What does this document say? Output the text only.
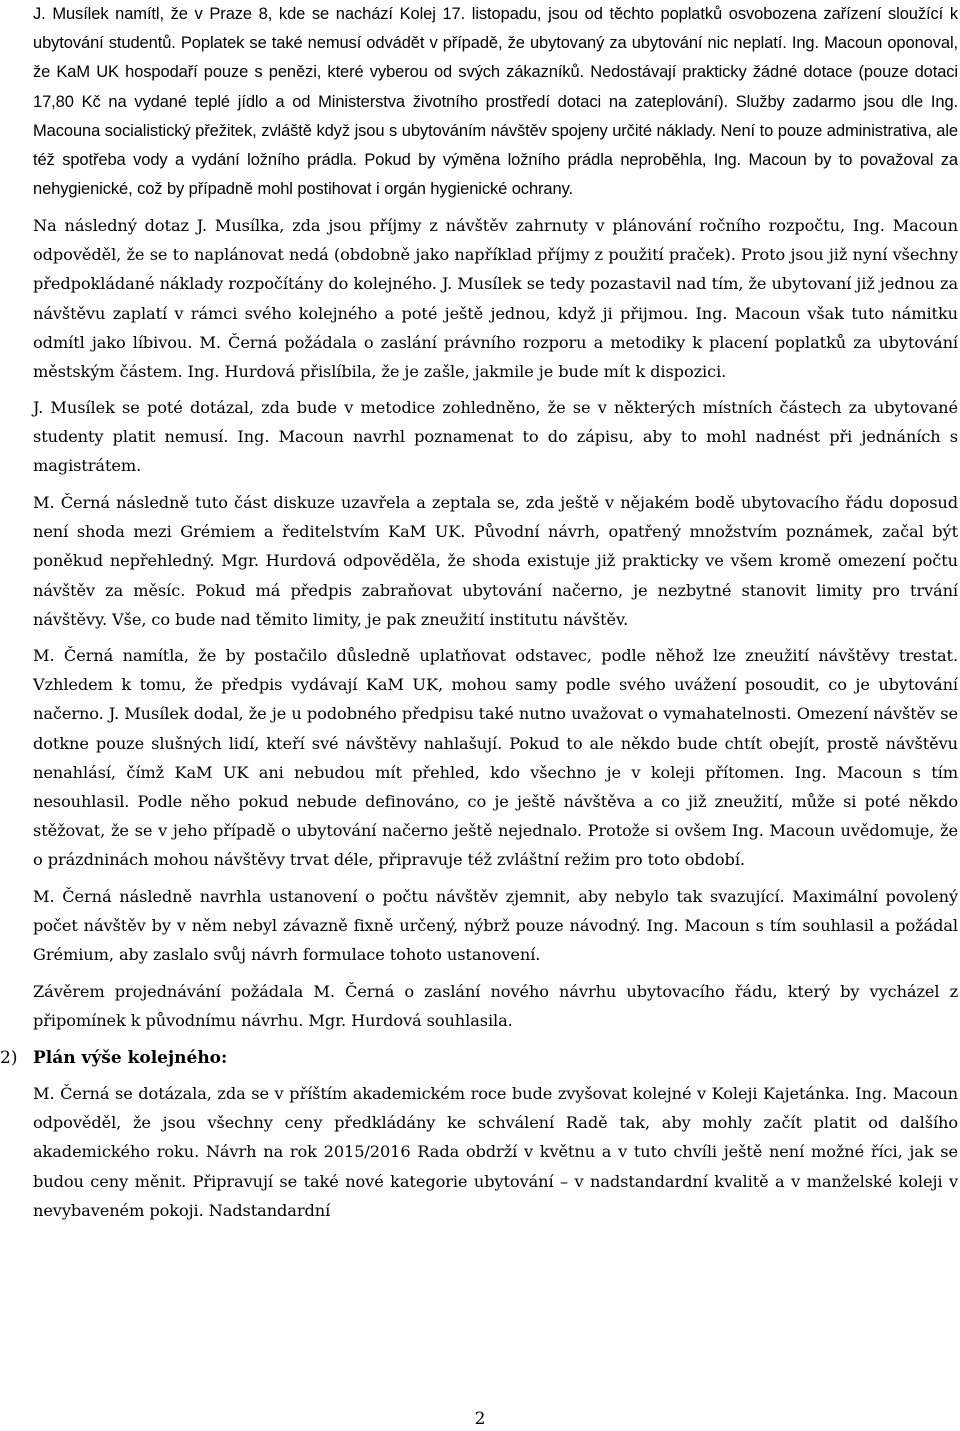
J. Musílek namítl, že v Praze 8, kde se nachází Kolej 17. listopadu, jsou od těchto poplatků osvobozena zařízení sloužící k ubytování studentů. Poplatek se také nemusí odvádět v případě, že ubytovaný za ubytování nic neplatí. Ing. Macoun oponoval, že KaM UK hospodaří pouze s penězi, které vyberou od svých zákazníků. Nedostávají prakticky žádné dotace (pouze dotaci 17,80 Kč na vydané teplé jídlo a od Ministerstva životního prostředí dotaci na zateplování). Služby zadarmo jsou dle Ing. Macouna socialistický přežitek, zvláště když jsou s ubytováním návštěv spojeny určité náklady. Není to pouze administrativa, ale též spotřeba vody a vydání ložního prádla. Pokud by výměna ložního prádla neproběhla, Ing. Macoun by to považoval za nehygienické, což by případně mohl postihovat i orgán hygienické ochrany.

Na následný dotaz J. Musílka, zda jsou příjmy z návštěv zahrnuty v plánování ročního rozpočtu, Ing. Macoun odpověděl, že se to naplánovat nedá (obdobně jako například příjmy z použití praček). Proto jsou již nyní všechny předpokládané náklady rozpočítány do kolejného. J. Musílek se tedy pozastavil nad tím, že ubytovaní již jednou za návštěvu zaplatí v rámci svého kolejného a poté ještě jednou, když ji přijmou. Ing. Macoun však tuto námitku odmítl jako líbivou. M. Černá požádala o zaslání právního rozporu a metodiky k placení poplatků za ubytování městským částem. Ing. Hurdová přislíbila, že je zašle, jakmile je bude mít k dispozici.

J. Musílek se poté dotázal, zda bude v metodice zohledněno, že se v některých místních částech za ubytované studenty platit nemusí. Ing. Macoun navrhl poznamenat to do zápisu, aby to mohl nadnést při jednáních s magistrátem.

M. Černá následně tuto část diskuze uzavřela a zeptala se, zda ještě v nějakém bodě ubytovacího řádu doposud není shoda mezi Grémiem a ředitelstvím KaM UK. Původní návrh, opatřený množstvím poznámek, začal být poněkud nepřehledný. Mgr. Hurdová odpověděla, že shoda existuje již prakticky ve všem kromě omezení počtu návštěv za měsíc. Pokud má předpis zabraňovat ubytování načerno, je nezbytné stanovit limity pro trvání návštěvy. Vše, co bude nad těmito limity, je pak zneužití institutu návštěv.

M. Černá namítla, že by postačilo důsledně uplatňovat odstavec, podle něhož lze zneužití návštěvy trestat. Vzhledem k tomu, že předpis vydávají KaM UK, mohou samy podle svého uvážení posoudit, co je ubytování načerno. J. Musílek dodal, že je u podobného předpisu také nutno uvažovat o vymahatelnosti. Omezení návštěv se dotkne pouze slušných lidí, kteří své návštěvy nahlašují. Pokud to ale někdo bude chtít obejít, prostě návštěvu nenahlásí, čímž KaM UK ani nebudou mít přehled, kdo všechno je v koleji přítomen. Ing. Macoun s tím nesouhlasil. Podle něho pokud nebude definováno, co je ještě návštěva a co již zneužití, může si poté někdo stěžovat, že se v jeho případě o ubytování načerno ještě nejednalo. Protože si ovšem Ing. Macoun uvědomuje, že o prázdninách mohou návštěvy trvat déle, připravuje též zvláštní režim pro toto období.

M. Černá následně navrhla ustanovení o počtu návštěv zjemnit, aby nebylo tak svazující. Maximální povolený počet návštěv by v něm nebyl závazně fixně určený, nýbrž pouze návodný. Ing. Macoun s tím souhlasil a požádal Grémium, aby zaslalo svůj návrh formulace tohoto ustanovení.

Závěrem projednávání požádala M. Černá o zaslání nového návrhu ubytovacího řádu, který by vycházel z připomínek k původnímu návrhu. Mgr. Hurdová souhlasila.

2) Plán výše kolejného:

M. Černá se dotázala, zda se v příštím akademickém roce bude zvyšovat kolejné v Koleji Kajetánka. Ing. Macoun odpověděl, že jsou všechny ceny předkládány ke schválení Radě tak, aby mohly začít platit od dalšího akademického roku. Návrh na rok 2015/2016 Rada obdrží v květnu a v tuto chvíli ještě není možné říci, jak se budou ceny měnit. Připravují se také nové kategorie ubytování – v nadstandardní kvalitě a v manželské koleji v nevybaveném pokoji. Nadstandardní

2
